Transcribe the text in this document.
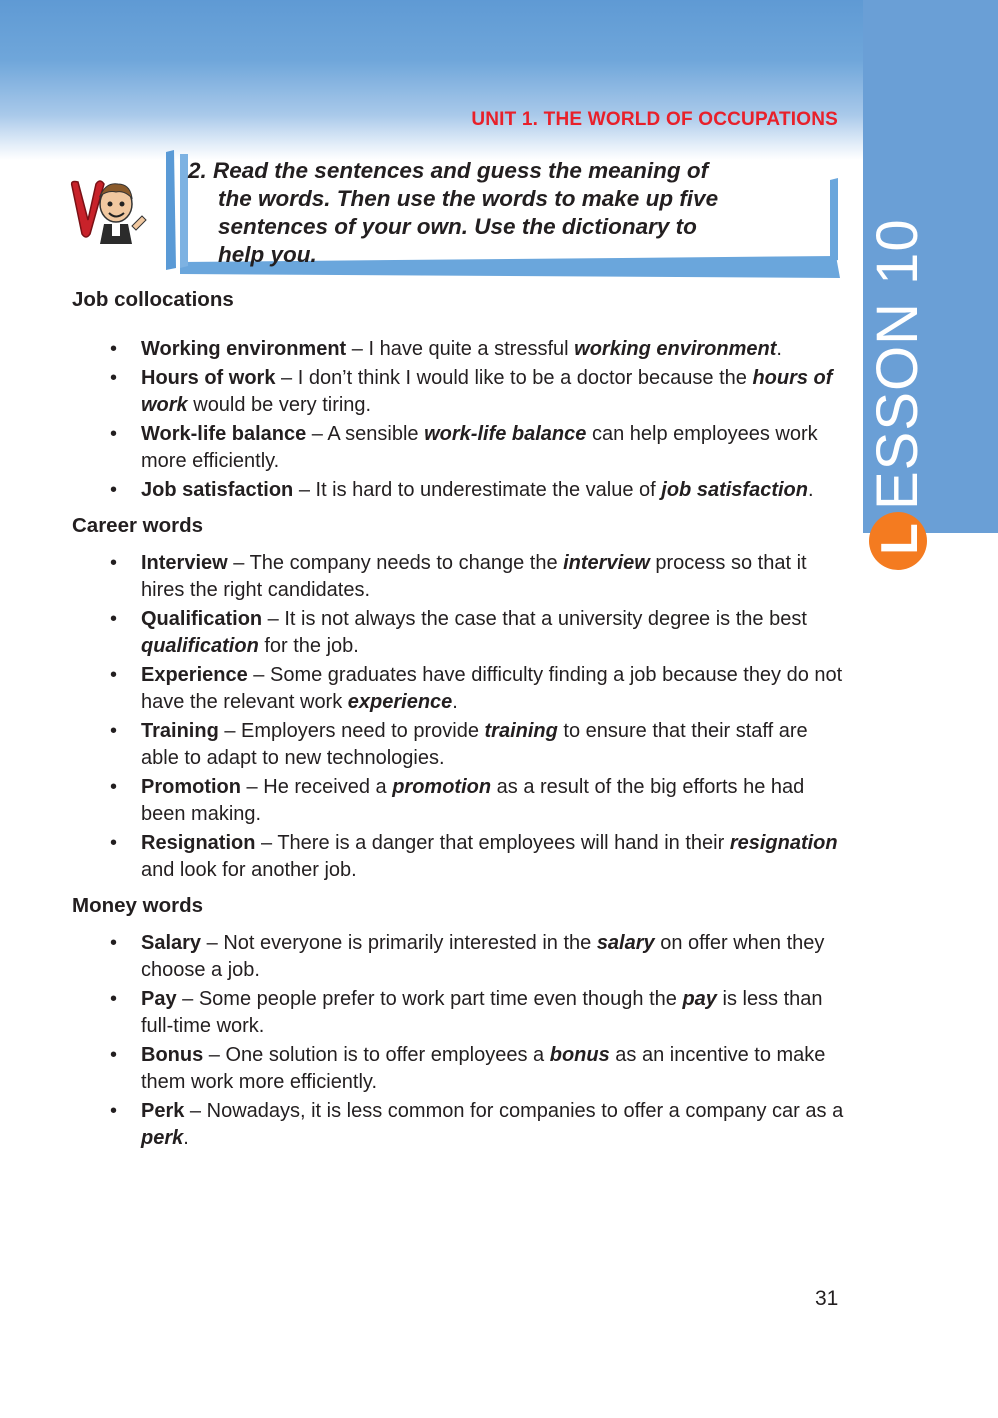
UNIT 1. THE WORLD OF OCCUPATIONS
L
ESSON 10
2. Read the sentences and guess the meaning of
the words. Then use the words to make up five
sentences of your own. Use the dictionary to
help you.
Job collocations
• Working environment – I have quite a stressful working environment.
• Hours of work – I don’t think I would like to be a doctor because the hours of work would be very tiring.
• Work-life balance – A sensible work-life balance can help employees work more efficiently.
• Job satisfaction – It is hard to underestimate the value of job satisfaction.
Career words
• Interview – The company needs to change the interview process so that it hires the right candidates.
• Qualification – It is not always the case that a university degree is the best qualification for the job.
• Experience – Some graduates have difficulty finding a job because they do not have the relevant work experience.
• Training – Employers need to provide training to ensure that their staff are able to adapt to new technologies.
• Promotion – He received a promotion as a result of the big efforts he had been making.
• Resignation – There is a danger that employees will hand in their resignation and look for another job.
Money words
• Salary – Not everyone is primarily interested in the salary on offer when they choose a job.
• Pay – Some people prefer to work part time even though the pay is less than full-time work.
• Bonus – One solution is to offer employees a bonus as an incentive to make them work more efficiently.
• Perk – Nowadays, it is less common for companies to offer a company car as a perk.
31
